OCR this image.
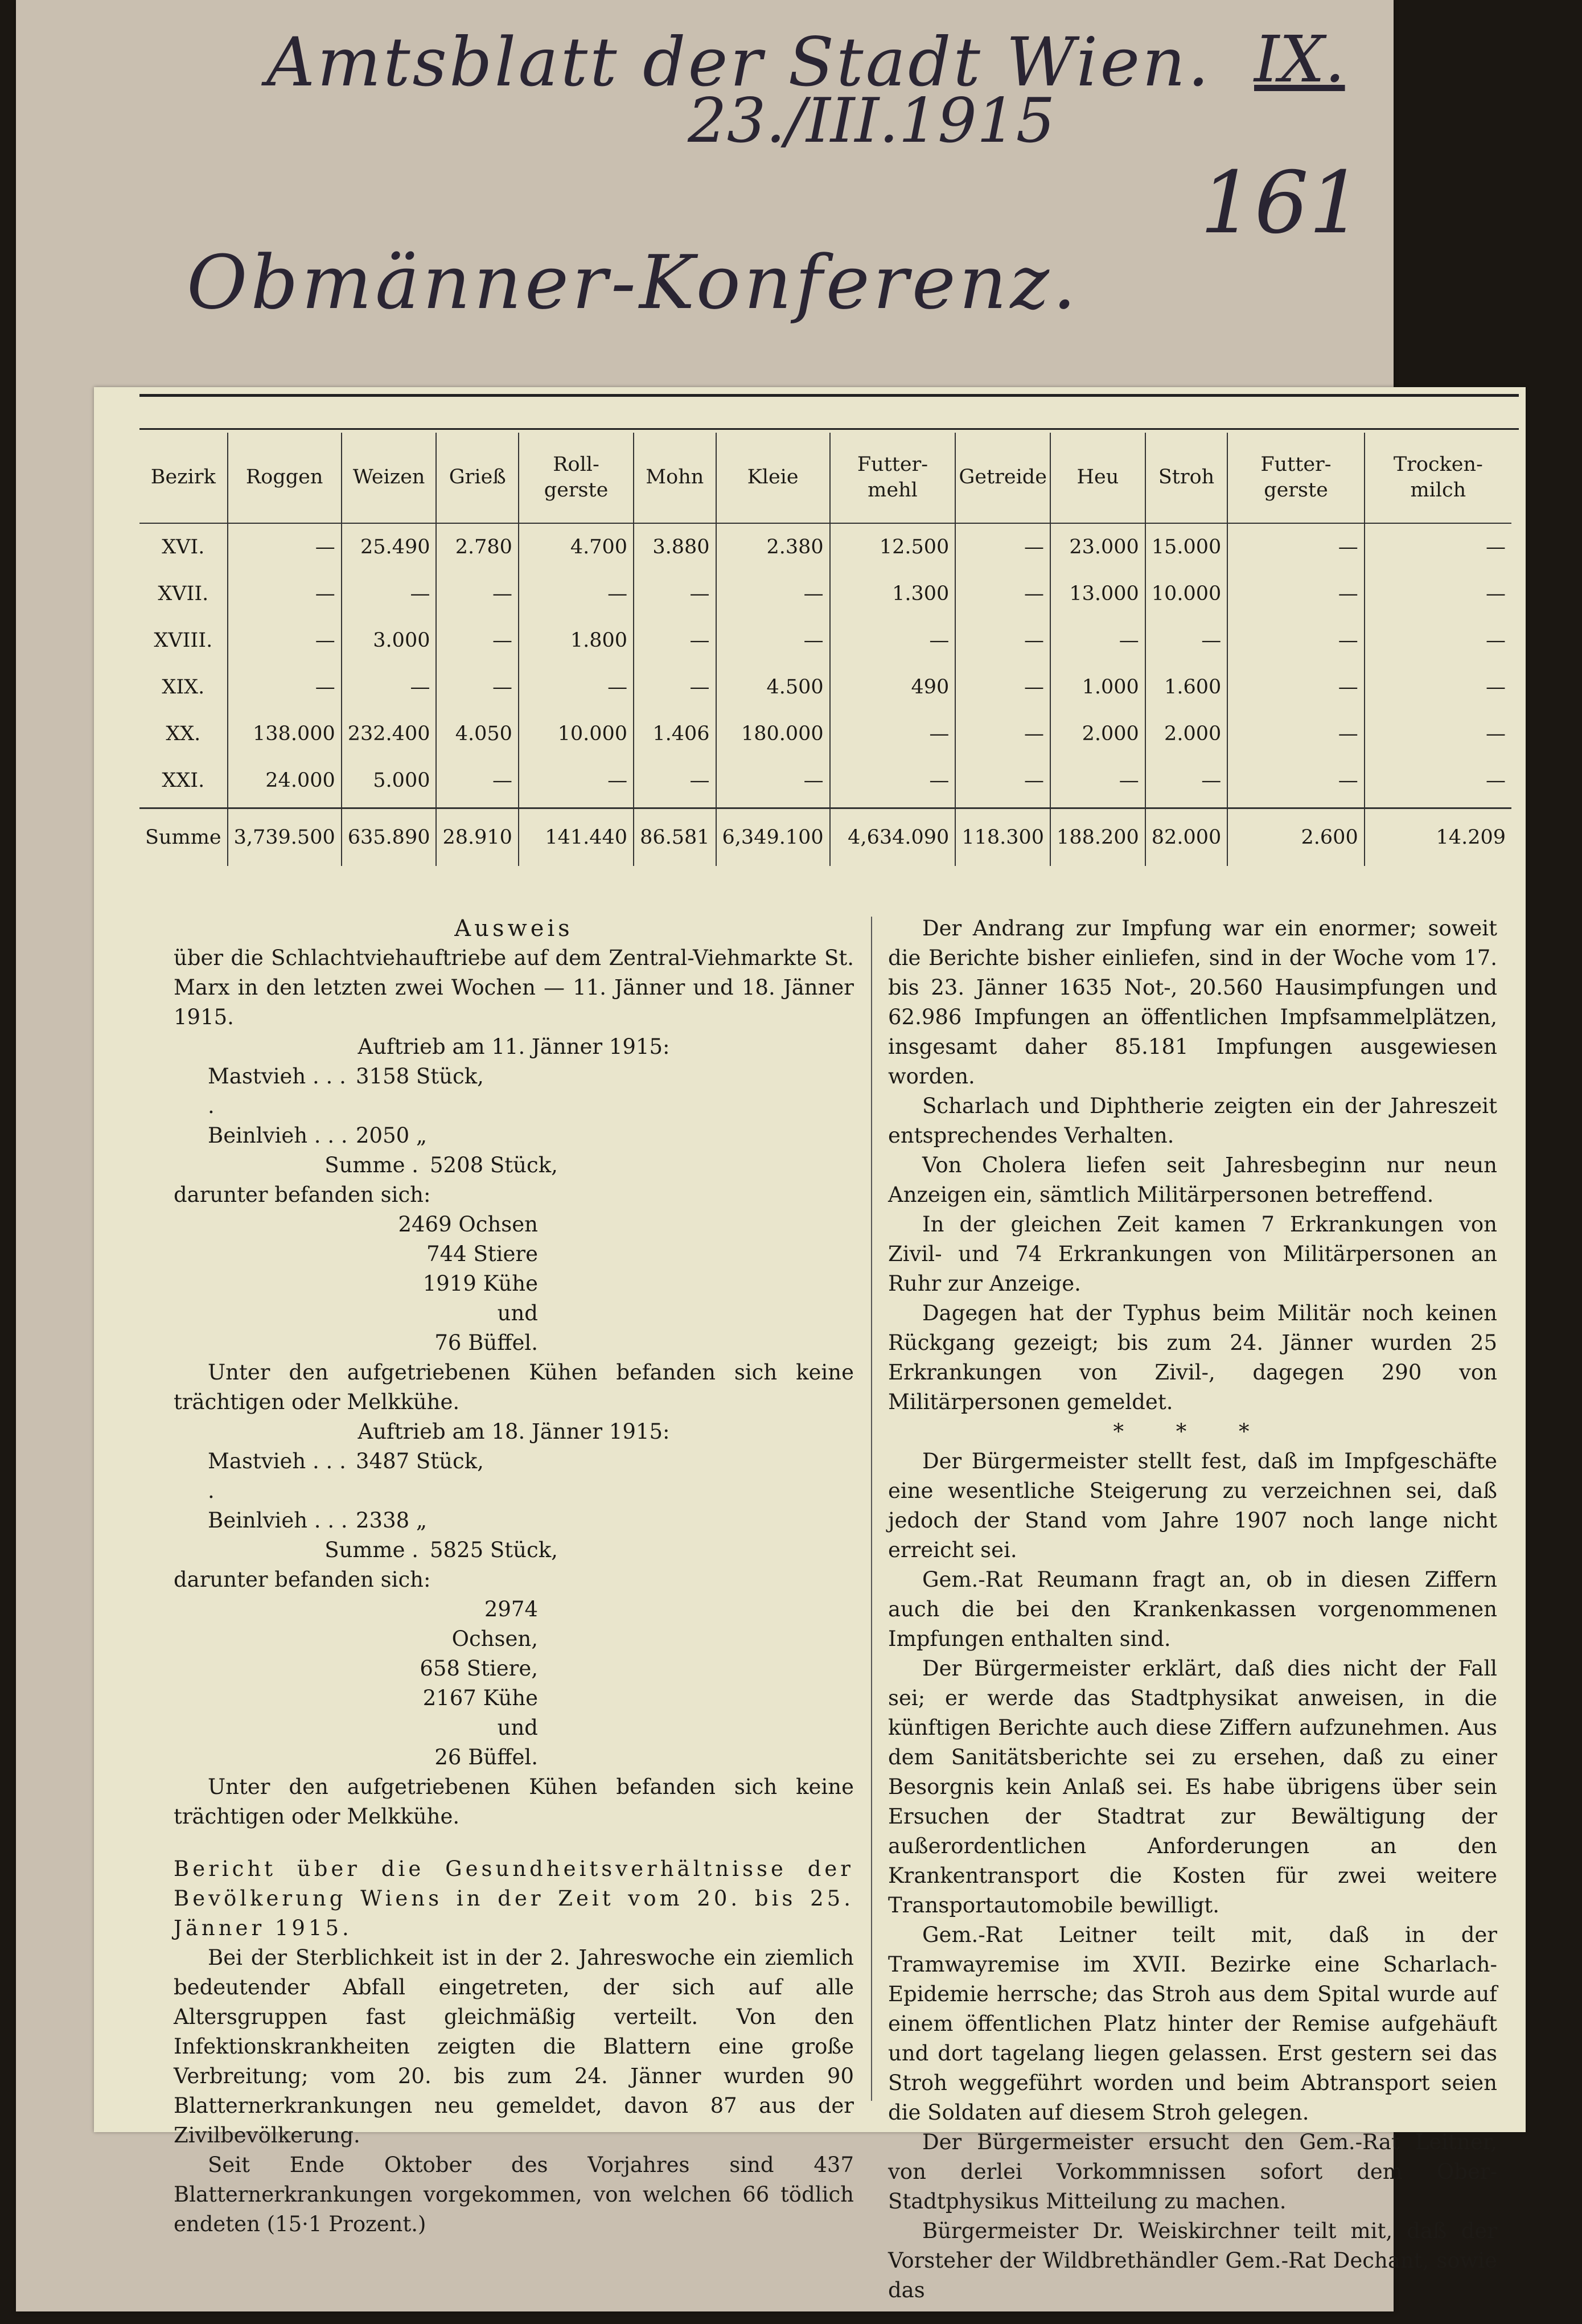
Amtsblatt der Stadt Wien. IX.
23./III.1915
161
Obmänner-Konferenz.
Bezirk	Roggen	Weizen	Grieß	Roll-gerste	Mohn	Kleie	Futter-mehl	Getreide	Heu	Stroh	Futter-gerste	Trocken-milch
XVI.	—	25.490	2.780	4.700	3.880	2.380	12.500	—	23.000	15.000	—	—
XVII.	—	—	—	—	—	—	1.300	—	13.000	10.000	—	—
XVIII.	—	3.000	—	1.800	—	—	—	—	—	—	—	—
XIX.	—	—	—	—	—	4.500	490	—	1.000	1.600	—	—
XX.	138.000	232.400	4.050	10.000	1.406	180.000	—	—	2.000	2.000	—	—
XXI.	24.000	5.000	—	—	—	—	—	—	—	—	—	—
Summe	3,739.500	635.890	28.910	141.440	86.581	6,349.100	4,634.090	118.300	188.200	82.000	2.600	14.209

Ausweis

über die Schlachtviehauftriebe auf dem Zentral-Viehmarkte St. Marx in den letzten zwei Wochen — 11. Jänner und 18. Jänner 1915.

Auftrieb am 11. Jänner 1915:

Mastvieh . . . .
3158 Stück,
Beinlvieh . . . 2050 „
Summe . 5208 Stück,

darunter befanden sich:

2469 Ochsen
744 Stiere
1919 Kühe und
76 Büffel.

Unter den aufgetriebenen Kühen befanden sich keine trächtigen oder Melkkühe.

Auftrieb am 18. Jänner 1915:

Mastvieh . . . .
3487 Stück,
Beinlvieh . . . 2338 „
Summe . 5825 Stück,

darunter befanden sich:

2974 Ochsen,
658 Stiere,
2167 Kühe und
26 Büffel.

Unter den aufgetriebenen Kühen befanden sich keine trächtigen oder Melkkühe.

Bericht über die Gesundheitsverhältnisse der Bevölkerung Wiens in der Zeit vom 20. bis 25. Jänner 1915.

Bei der Sterblichkeit ist in der 2. Jahreswoche ein ziemlich bedeutender Abfall eingetreten, der sich auf alle Altersgruppen fast gleichmäßig verteilt. Von den Infektionskrankheiten zeigten die Blattern eine große Verbreitung; vom 20. bis zum 24. Jänner wurden 90 Blatternerkrankungen neu gemeldet, davon 87 aus der Zivilbevölkerung.

Seit Ende Oktober des Vorjahres sind 437 Blatternerkrankungen vorgekommen, von welchen 66 tödlich endeten (15·1 Prozent.)

Der Andrang zur Impfung war ein enormer; soweit die Berichte bisher einliefen, sind in der Woche vom 17. bis 23. Jänner 1635 Not-, 20.560 Hausimpfungen und 62.986 Impfungen an öffentlichen Impfsammelplätzen, insgesamt daher 85.181 Impfungen ausgewiesen worden.

Scharlach und Diphtherie zeigten ein der Jahreszeit entsprechendes Verhalten.

Von Cholera liefen seit Jahresbeginn nur neun Anzeigen ein, sämtlich Militärpersonen betreffend.

In der gleichen Zeit kamen 7 Erkrankungen von Zivil- und 74 Erkrankungen von Militärpersonen an Ruhr zur Anzeige.

Dagegen hat der Typhus beim Militär noch keinen Rückgang gezeigt; bis zum 24. Jänner wurden 25 Erkrankungen von Zivil-, dagegen 290 von Militärpersonen gemeldet.

* * *

Der Bürgermeister stellt fest, daß im Impfgeschäfte eine wesentliche Steigerung zu verzeichnen sei, daß jedoch der Stand vom Jahre 1907 noch lange nicht erreicht sei.

Gem.-Rat Reumann fragt an, ob in diesen Ziffern auch die bei den Krankenkassen vorgenommenen Impfungen enthalten sind.

Der Bürgermeister erklärt, daß dies nicht der Fall sei; er werde das Stadtphysikat anweisen, in die künftigen Berichte auch diese Ziffern aufzunehmen. Aus dem Sanitätsberichte sei zu ersehen, daß zu einer Besorgnis kein Anlaß sei. Es habe übrigens über sein Ersuchen der Stadtrat zur Bewältigung der außerordentlichen Anforderungen an den Krankentransport die Kosten für zwei weitere Transportautomobile bewilligt.

Gem.-Rat Leitner teilt mit, daß in der Tramwayremise im XVII. Bezirke eine Scharlach-Epidemie herrsche; das Stroh aus dem Spital wurde auf einem öffentlichen Platz hinter der Remise aufgehäuft und dort tagelang liegen gelassen. Erst gestern sei das Stroh weggeführt worden und beim Abtransport seien die Soldaten auf diesem Stroh gelegen.

Der Bürgermeister ersucht den Gem.-Rat Leitner, von derlei Vorkommnissen sofort dem Ober-Stadtphysikus Mitteilung zu machen.

Bürgermeister Dr. Weiskirchner teilt mit, daß der Vorsteher der Wildbrethändler Gem.-Rat Dechant, sowie das
